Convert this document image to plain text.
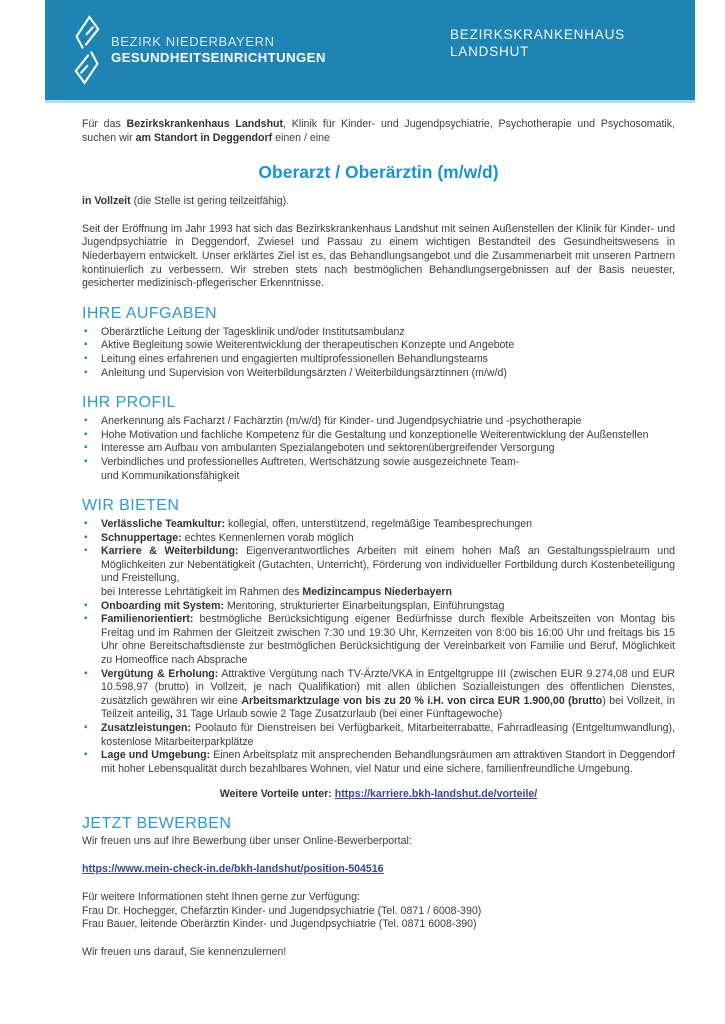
BEZIRK NIEDERBAYERN
GESUNDHEITSEINRICHTUNGEN
BEZIRKSKRANKENHAUS
LANDSHUT

Für das Bezirkskrankenhaus Landshut, Klinik für Kinder- und Jugendpsychiatrie, Psychotherapie und Psychosomatik, suchen wir am Standort in Deggendorf einen / eine

Oberarzt / Oberärztin (m/w/d)

in Vollzeit (die Stelle ist gering teilzeitfähig).

Seit der Eröffnung im Jahr 1993 hat sich das Bezirkskrankenhaus Landshut mit seinen Außenstellen der Klinik für Kinder- und Jugendpsychiatrie in Deggendorf, Zwiesel und Passau zu einem wichtigen Bestandteil des Gesundheitswesens in Niederbayern entwickelt. Unser erklärtes Ziel ist es, das Behandlungsangebot und die Zusammenarbeit mit unseren Partnern kontinuierlich zu verbessern. Wir streben stets nach bestmöglichen Behandlungsergebnissen auf der Basis neuester, gesicherter medizinisch-pflegerischer Erkenntnisse.

IHRE AUFGABEN
▪ Oberärztliche Leitung der Tagesklinik und/oder Institutsambulanz
▪ Aktive Begleitung sowie Weiterentwicklung der therapeutischen Konzepte und Angebote
▪ Leitung eines erfahrenen und engagierten multiprofessionellen Behandlungsteams
▪ Anleitung und Supervision von Weiterbildungsärzten / Weiterbildungsärztinnen (m/w/d)
IHR PROFIL
▪ Anerkennung als Facharzt / Fachärztin (m/w/d) für Kinder- und Jugendpsychiatrie und -psychotherapie
▪ Hohe Motivation und fachliche Kompetenz für die Gestaltung und konzeptionelle Weiterentwicklung der Außenstellen
▪ Interesse am Aufbau von ambulanten Spezialangeboten und sektorenübergreifender Versorgung
▪ Verbindliches und professionelles Auftreten, Wertschätzung sowie ausgezeichnete Team-
und Kommunikationsfähigkeit
WIR BIETEN
▪ Verlässliche Teamkultur: kollegial, offen, unterstützend, regelmäßige Teambesprechungen
▪ Schnuppertage: echtes Kennenlernen vorab möglich
▪ Karriere & Weiterbildung: Eigenverantwortliches Arbeiten mit einem hohen Maß an Gestaltungsspielraum und Möglichkeiten zur Nebentätigkeit (Gutachten, Unterricht), Förderung von individueller Fortbildung durch Kostenbeteiligung und Freistellung,
bei Interesse Lehrtätigkeit im Rahmen des Medizincampus Niederbayern
▪ Onboarding mit System: Mentoring, strukturierter Einarbeitungsplan, Einführungstag
▪ Familienorientiert: bestmögliche Berücksichtigung eigener Bedürfnisse durch flexible Arbeitszeiten von Montag bis Freitag und im Rahmen der Gleitzeit zwischen 7:30 und 19:30 Uhr, Kernzeiten von 8:00 bis 16:00 Uhr und freitags bis 15 Uhr ohne Bereitschaftsdienste zur bestmöglichen Berücksichtigung der Vereinbarkeit von Familie und Beruf, Möglichkeit zu Homeoffice nach Absprache
▪ Vergütung & Erholung: Attraktive Vergütung nach TV-Ärzte/VKA in Entgeltgruppe III (zwischen EUR 9.274,08 und EUR 10.598,97 (brutto) in Vollzeit, je nach Qualifikation) mit allen üblichen Sozialleistungen des öffentlichen Dienstes, zusätzlich gewähren wir eine Arbeitsmarktzulage von bis zu 20 % i.H. von circa EUR 1.900,00 (brutto) bei Vollzeit, in Teilzeit anteilig, 31 Tage Urlaub sowie 2 Tage Zusatzurlaub (bei einer Fünftagewoche)
▪ Zusatzleistungen: Poolauto für Dienstreisen bei Verfügbarkeit, Mitarbeiterrabatte, Fahrradleasing (Entgeltumwandlung), kostenlose Mitarbeiterparkplätze
▪ Lage und Umgebung: Einen Arbeitsplatz mit ansprechenden Behandlungsräumen am attraktiven Standort in Deggendorf mit hoher Lebensqualität durch bezahlbares Wohnen, viel Natur und eine sichere, familienfreundliche Umgebung.

Weitere Vorteile unter: https://karriere.bkh-landshut.de/vorteile/

JETZT BEWERBEN

Wir freuen uns auf Ihre Bewerbung über unser Online-Bewerberportal:

https://www.mein-check-in.de/bkh-landshut/position-504516

Für weitere Informationen steht Ihnen gerne zur Verfügung:

Frau Dr. Hochegger, Chefärztin Kinder- und Jugendpsychiatrie (Tel. 0871 / 6008-390)

Frau Bauer, leitende Oberärztin Kinder- und Jugendpsychiatrie (Tel. 0871 6008-390)

Wir freuen uns darauf, Sie kennenzulernen!
